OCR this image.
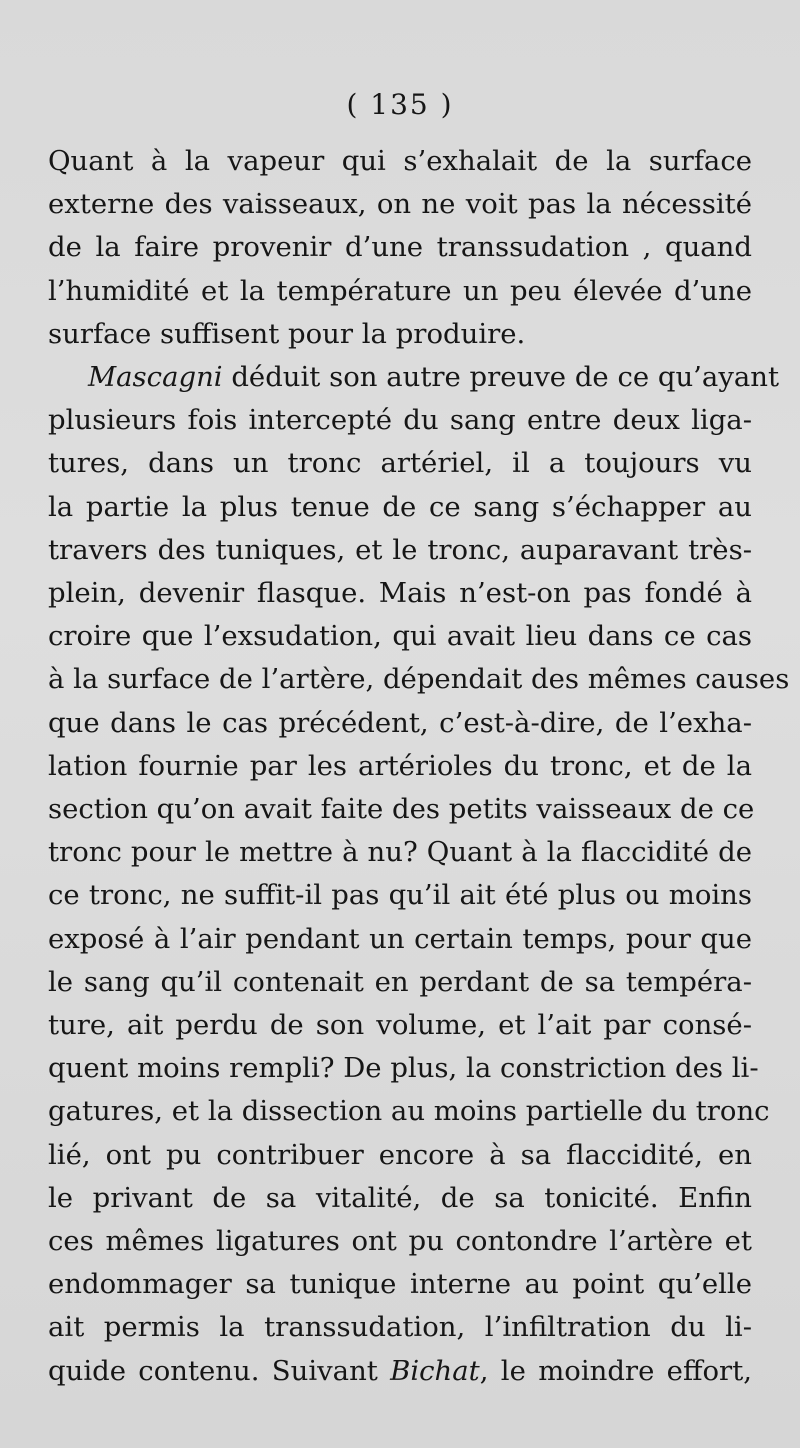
( 135 )
Quant à la vapeur qui s’exhalait de la surface
externe des vaisseaux, on ne voit pas la nécessité
de la faire provenir d’une transsudation , quand
l’humidité et la température un peu élevée d’une
surface suffisent pour la produire.
Mascagni déduit son autre preuve de ce qu’ayant
plusieurs fois intercepté du sang entre deux liga-
tures, dans un tronc artériel, il a toujours vu
la partie la plus tenue de ce sang s’échapper au
travers des tuniques, et le tronc, auparavant très-
plein, devenir flasque. Mais n’est-on pas fondé à
croire que l’exsudation, qui avait lieu dans ce cas
à la surface de l’artère, dépendait des mêmes causes
que dans le cas précédent, c’est-à-dire, de l’exha-
lation fournie par les artérioles du tronc, et de la
section qu’on avait faite des petits vaisseaux de ce
tronc pour le mettre à nu? Quant à la flaccidité de
ce tronc, ne suffit-il pas qu’il ait été plus ou moins
exposé à l’air pendant un certain temps, pour que
le sang qu’il contenait en perdant de sa tempéra-
ture, ait perdu de son volume, et l’ait par consé-
quent moins rempli? De plus, la constriction des li-
gatures, et la dissection au moins partielle du tronc
lié, ont pu contribuer encore à sa flaccidité, en
le privant de sa vitalité, de sa tonicité. Enfin
ces mêmes ligatures ont pu contondre l’artère et
endommager sa tunique interne au point qu’elle
ait permis la transsudation, l’infiltration du li-
quide contenu. Suivant Bichat, le moindre effort,
